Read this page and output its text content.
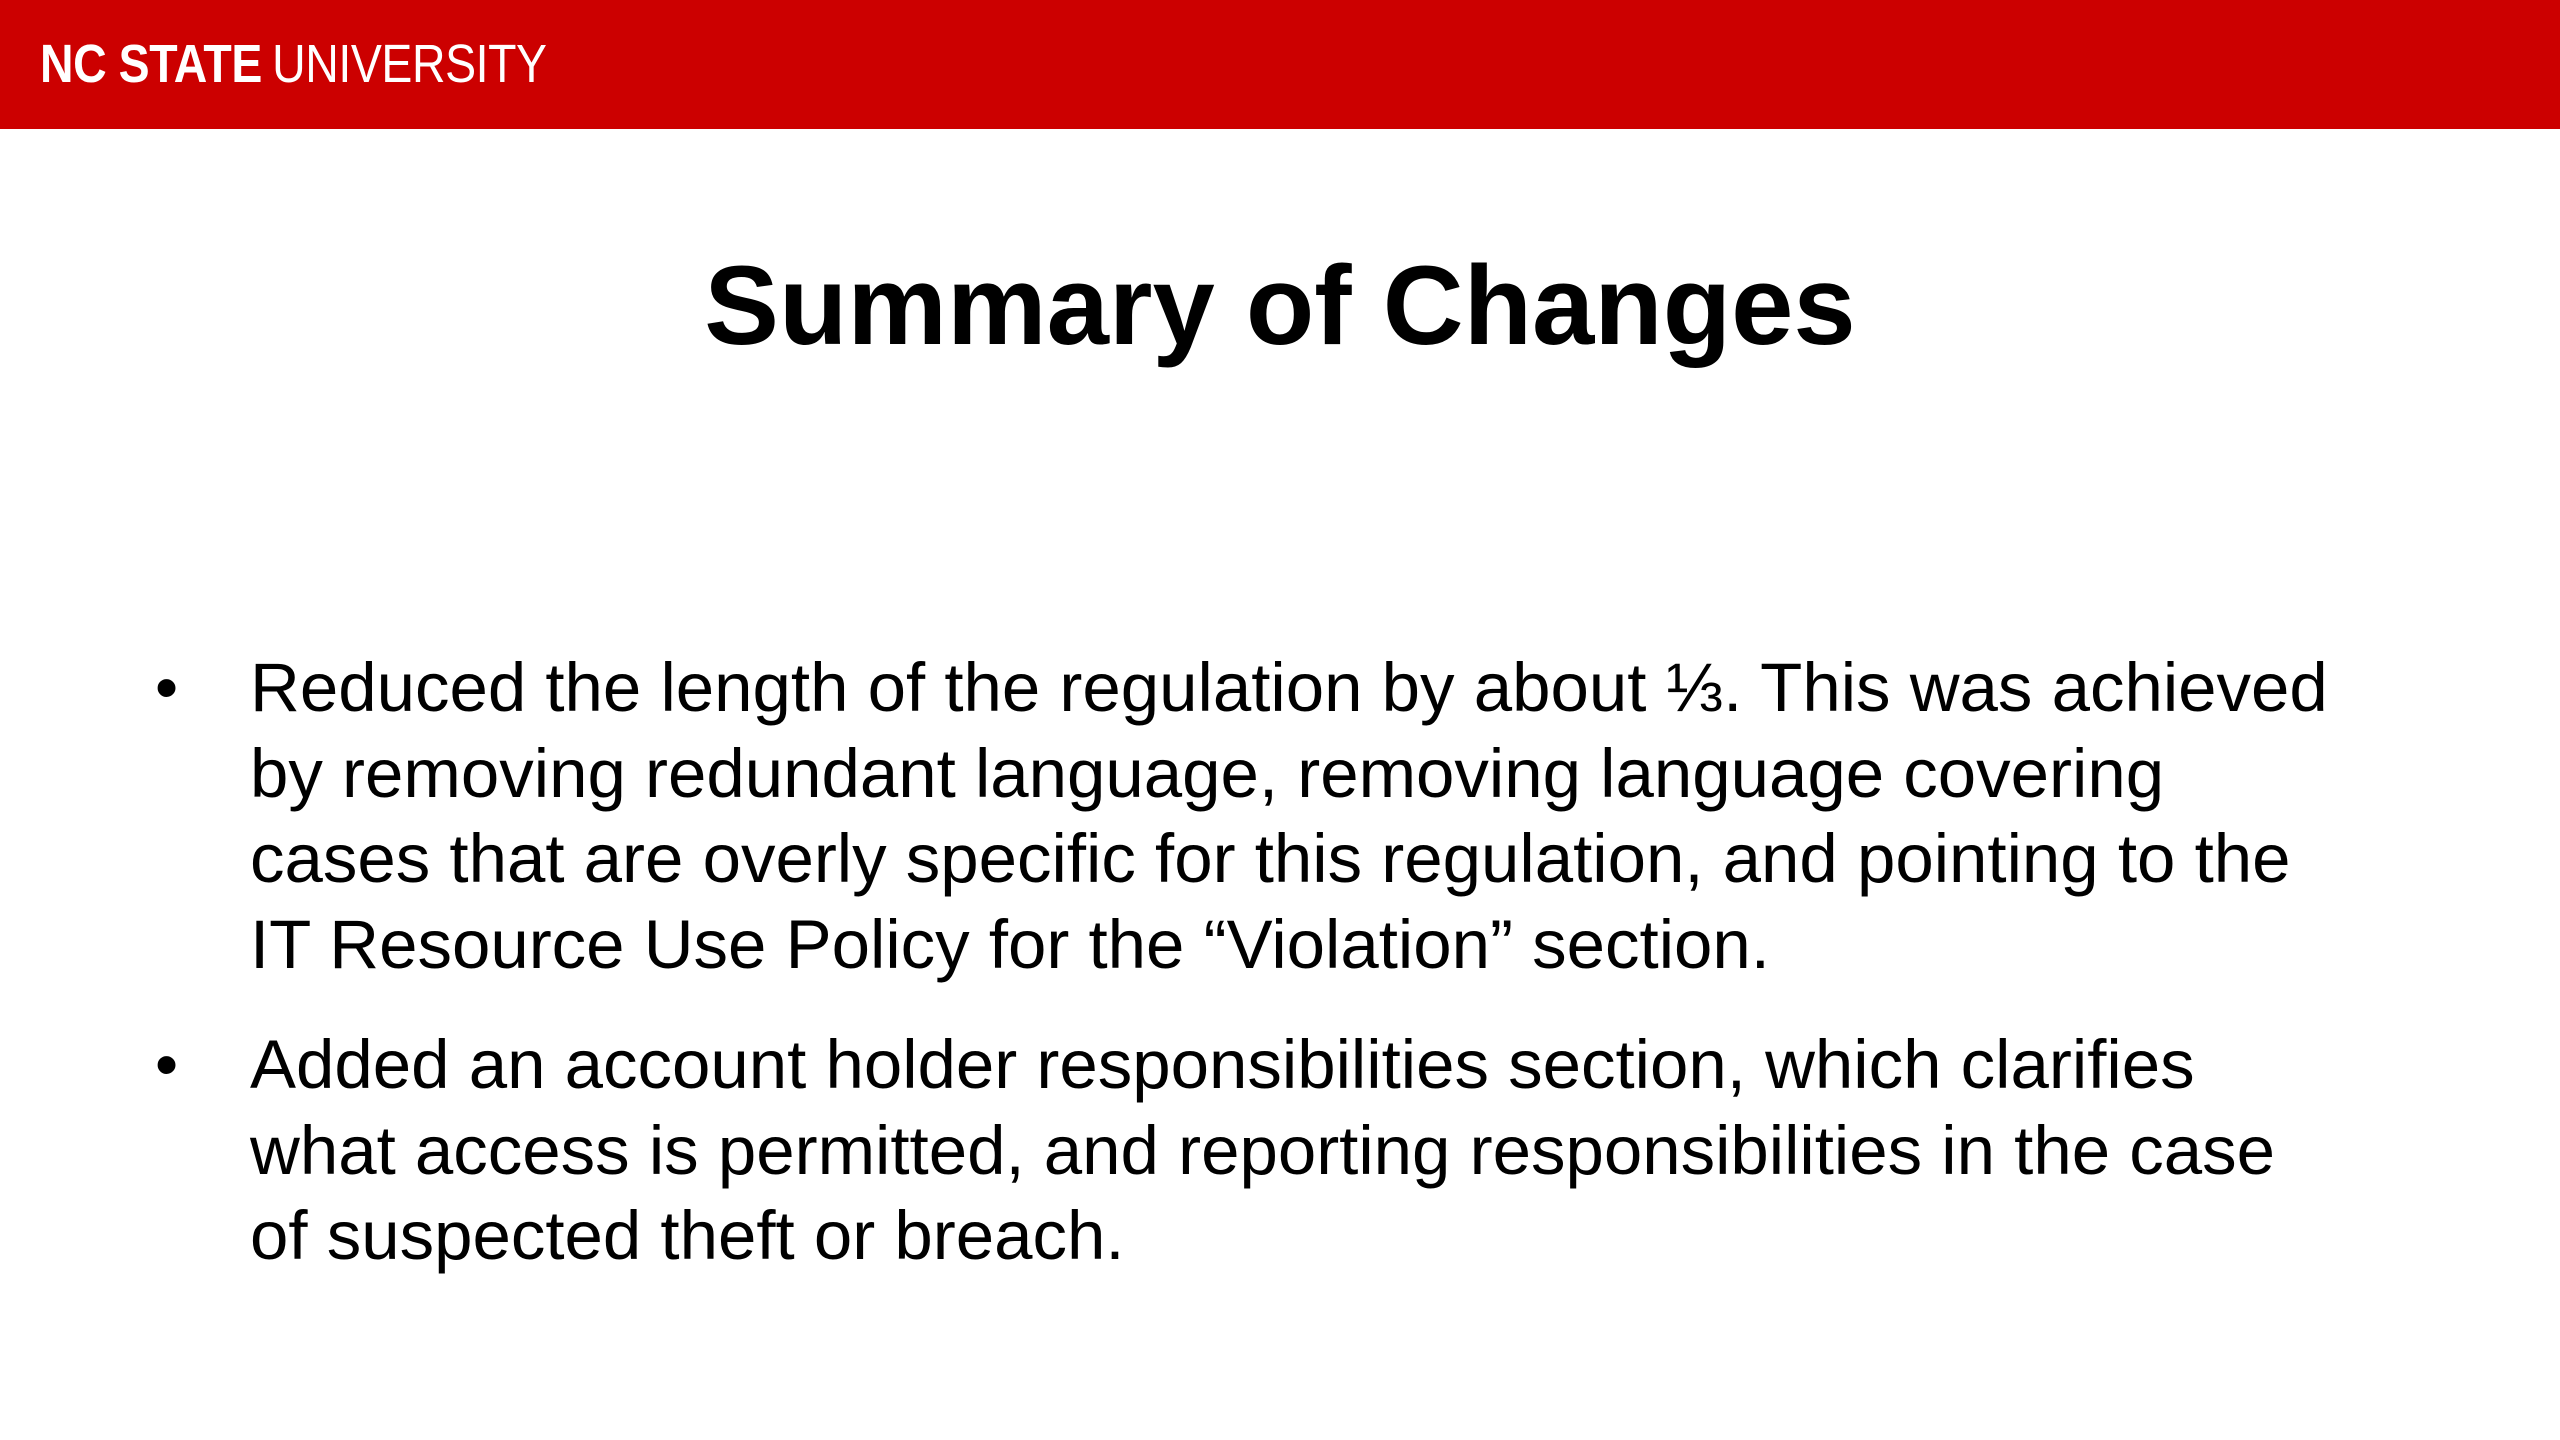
NC STATE UNIVERSITY
Summary of Changes
• Reduced the length of the regulation by about ⅓. This was achieved
by removing redundant language, removing language covering
cases that are overly specific for this regulation, and pointing to the
IT Resource Use Policy for the “Violation” section.
• Added an account holder responsibilities section, which clarifies
what access is permitted, and reporting responsibilities in the case
of suspected theft or breach.
